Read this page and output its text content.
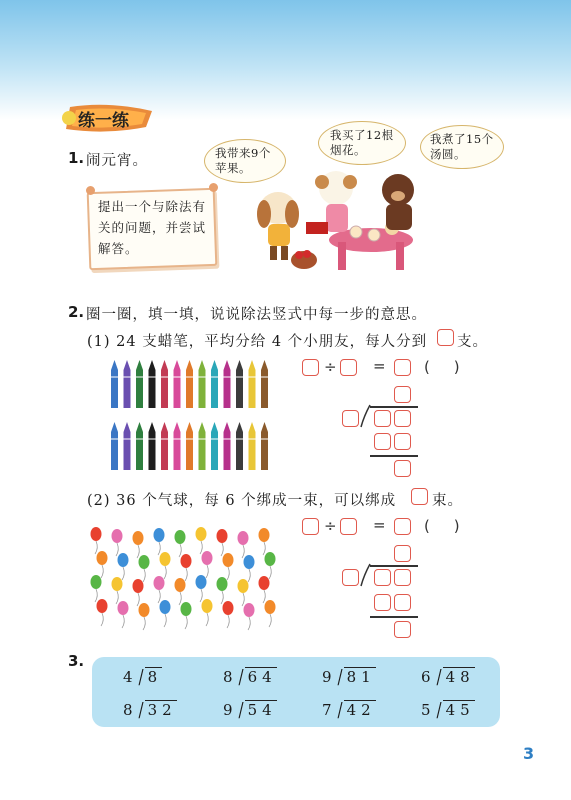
练一练
1. 闹元宵。
提出一个与除法有关的问题，并尝试解答。
我带来9个苹果。
我买了12根烟花。
我煮了15个汤圆。
2. 圈一圈，填一填，说说除法竖式中每一步的意思。
(1) 24 支蜡笔，平均分给 4 个小朋友，每人分到 支。
÷ =	(     )
(2) 36 个气球，每 6 个绑成一束，可以绑成 束。
÷ =	(     )
3.
4/ 8	8/ 64	9/ 81	6/ 48
8/ 32	9/ 54	7/ 42	5/ 45
3
